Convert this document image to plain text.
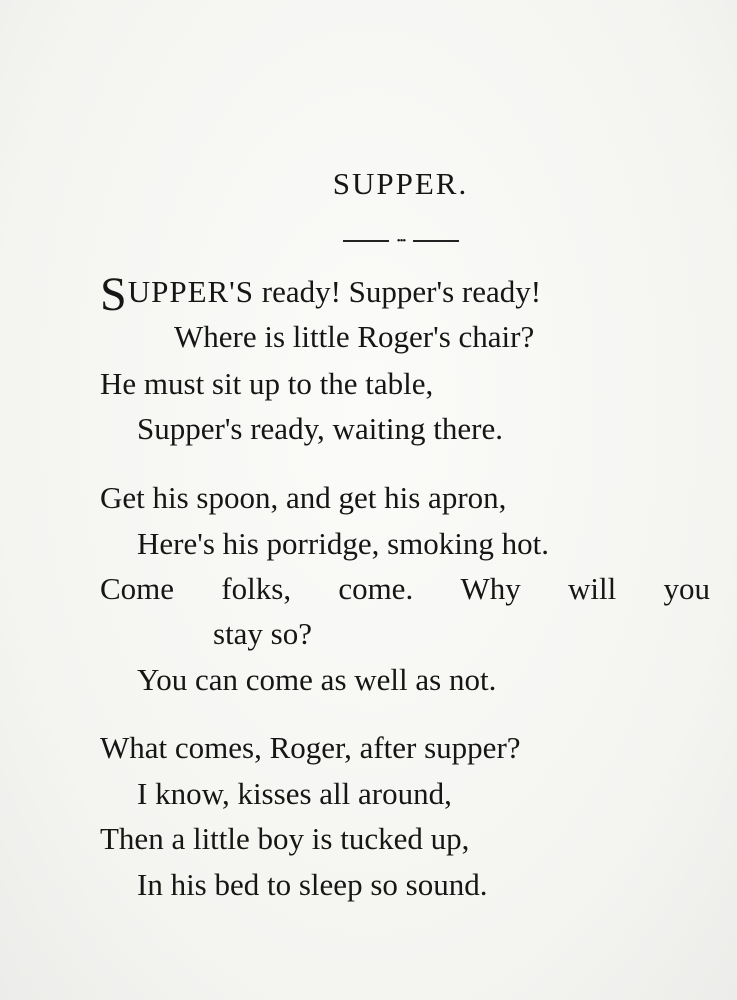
SUPPER.
•••
SUPPER'S ready! Supper's ready!
Where is little Roger's chair?
He must sit up to the table,
Supper's ready, waiting there.
Get his spoon, and get his apron,
Here's his porridge, smoking hot.
Come folks, come. Why will you
stay so?
You can come as well as not.
What comes, Roger, after supper?
I know, kisses all around,
Then a little boy is tucked up,
In his bed to sleep so sound.
